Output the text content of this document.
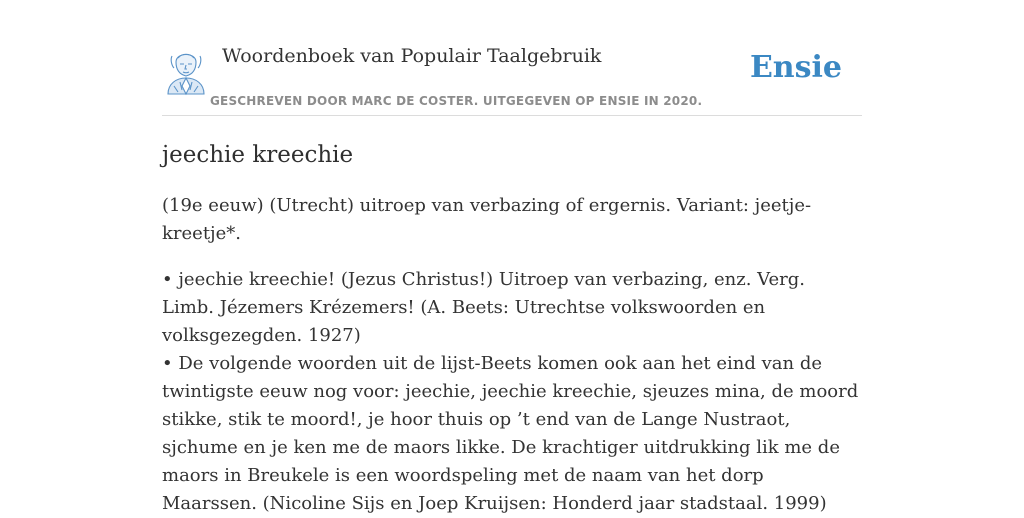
Woordenboek van Populair Taalgebruik
GESCHREVEN DOOR MARC DE COSTER. UITGEGEVEN OP ENSIE IN 2020.
Ensie
jeechie kreechie
(19e eeuw) (Utrecht) uitroep van verbazing of ergernis. Variant: jeetje-kreetje*.
• jeechie kreechie! (Jezus Christus!) Uitroep van verbazing, enz. Verg. Limb. Jézemers Krézemers! (A. Beets: Utrechtse volkswoorden en volksgezegden. 1927)
• De volgende woorden uit de lijst-Beets komen ook aan het eind van de twintigste eeuw nog voor: jeechie, jeechie kreechie, sjeuzes mina, de moord stikke, stik te moord!, je hoor thuis op ’t end van de Lange Nustraot, sjchume en je ken me de maors likke. De krachtiger uitdrukking lik me de maors in Breukele is een woordspeling met de naam van het dorp Maarssen. (Nicoline Sijs en Joep Kruijsen: Honderd jaar stadstaal. 1999)
